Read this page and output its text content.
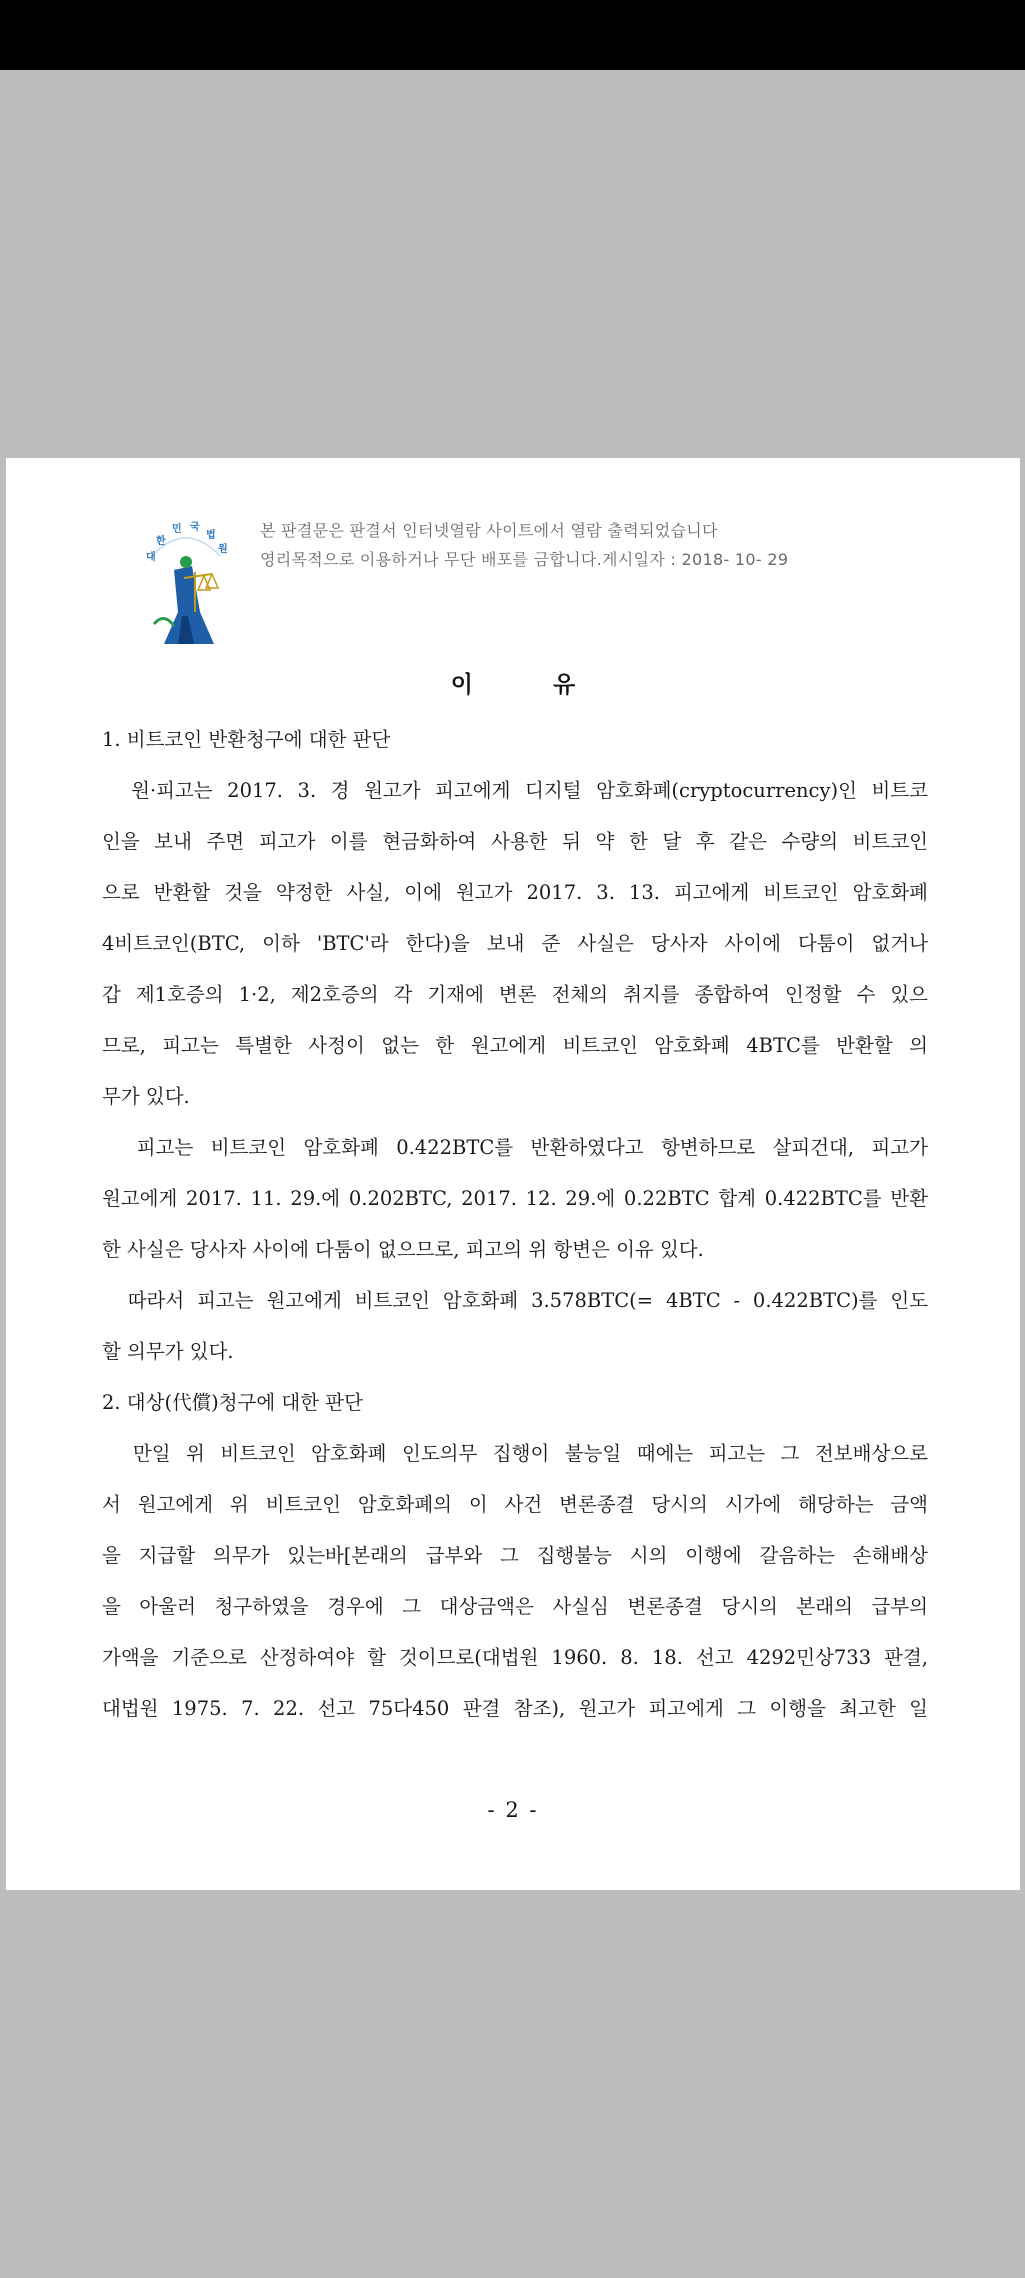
대한민 국법원
본 판결문은 판결서 인터넷열람 사이트에서 열람 출력되었습니다
영리목적으로 이용하거나 무단 배포를 금합니다.게시일자 : 2018- 10- 29
이 유

1. 비트코인 반환청구에 대한 판단

원·피고는 2017. 3. 경 원고가 피고에게 디지털 암호화폐(cryptocurrency)인 비트코

인을 보내 주면 피고가 이를 현금화하여 사용한 뒤 약 한 달 후 같은 수량의 비트코인

으로 반환할 것을 약정한 사실, 이에 원고가 2017. 3. 13. 피고에게 비트코인 암호화폐

4비트코인(BTC, 이하 'BTC'라 한다)을 보내 준 사실은 당사자 사이에 다툼이 없거나

갑 제1호증의 1·2, 제2호증의 각 기재에 변론 전체의 취지를 종합하여 인정할 수 있으

므로, 피고는 특별한 사정이 없는 한 원고에게 비트코인 암호화폐 4BTC를 반환할 의

무가 있다.

피고는 비트코인 암호화폐 0.422BTC를 반환하였다고 항변하므로 살피건대, 피고가

원고에게 2017. 11. 29.에 0.202BTC, 2017. 12. 29.에 0.22BTC 합계 0.422BTC를 반환

한 사실은 당사자 사이에 다툼이 없으므로, 피고의 위 항변은 이유 있다.

따라서 피고는 원고에게 비트코인 암호화폐 3.578BTC(= 4BTC - 0.422BTC)를 인도

할 의무가 있다.

2. 대상(代償)청구에 대한 판단

만일 위 비트코인 암호화폐 인도의무 집행이 불능일 때에는 피고는 그 전보배상으로

서 원고에게 위 비트코인 암호화폐의 이 사건 변론종결 당시의 시가에 해당하는 금액

을 지급할 의무가 있는바[본래의 급부와 그 집행불능 시의 이행에 갈음하는 손해배상

을 아울러 청구하였을 경우에 그 대상금액은 사실심 변론종결 당시의 본래의 급부의

가액을 기준으로 산정하여야 할 것이므로(대법원 1960. 8. 18. 선고 4292민상733 판결,

대법원 1975. 7. 22. 선고 75다450 판결 참조), 원고가 피고에게 그 이행을 최고한 일

- 2 -
